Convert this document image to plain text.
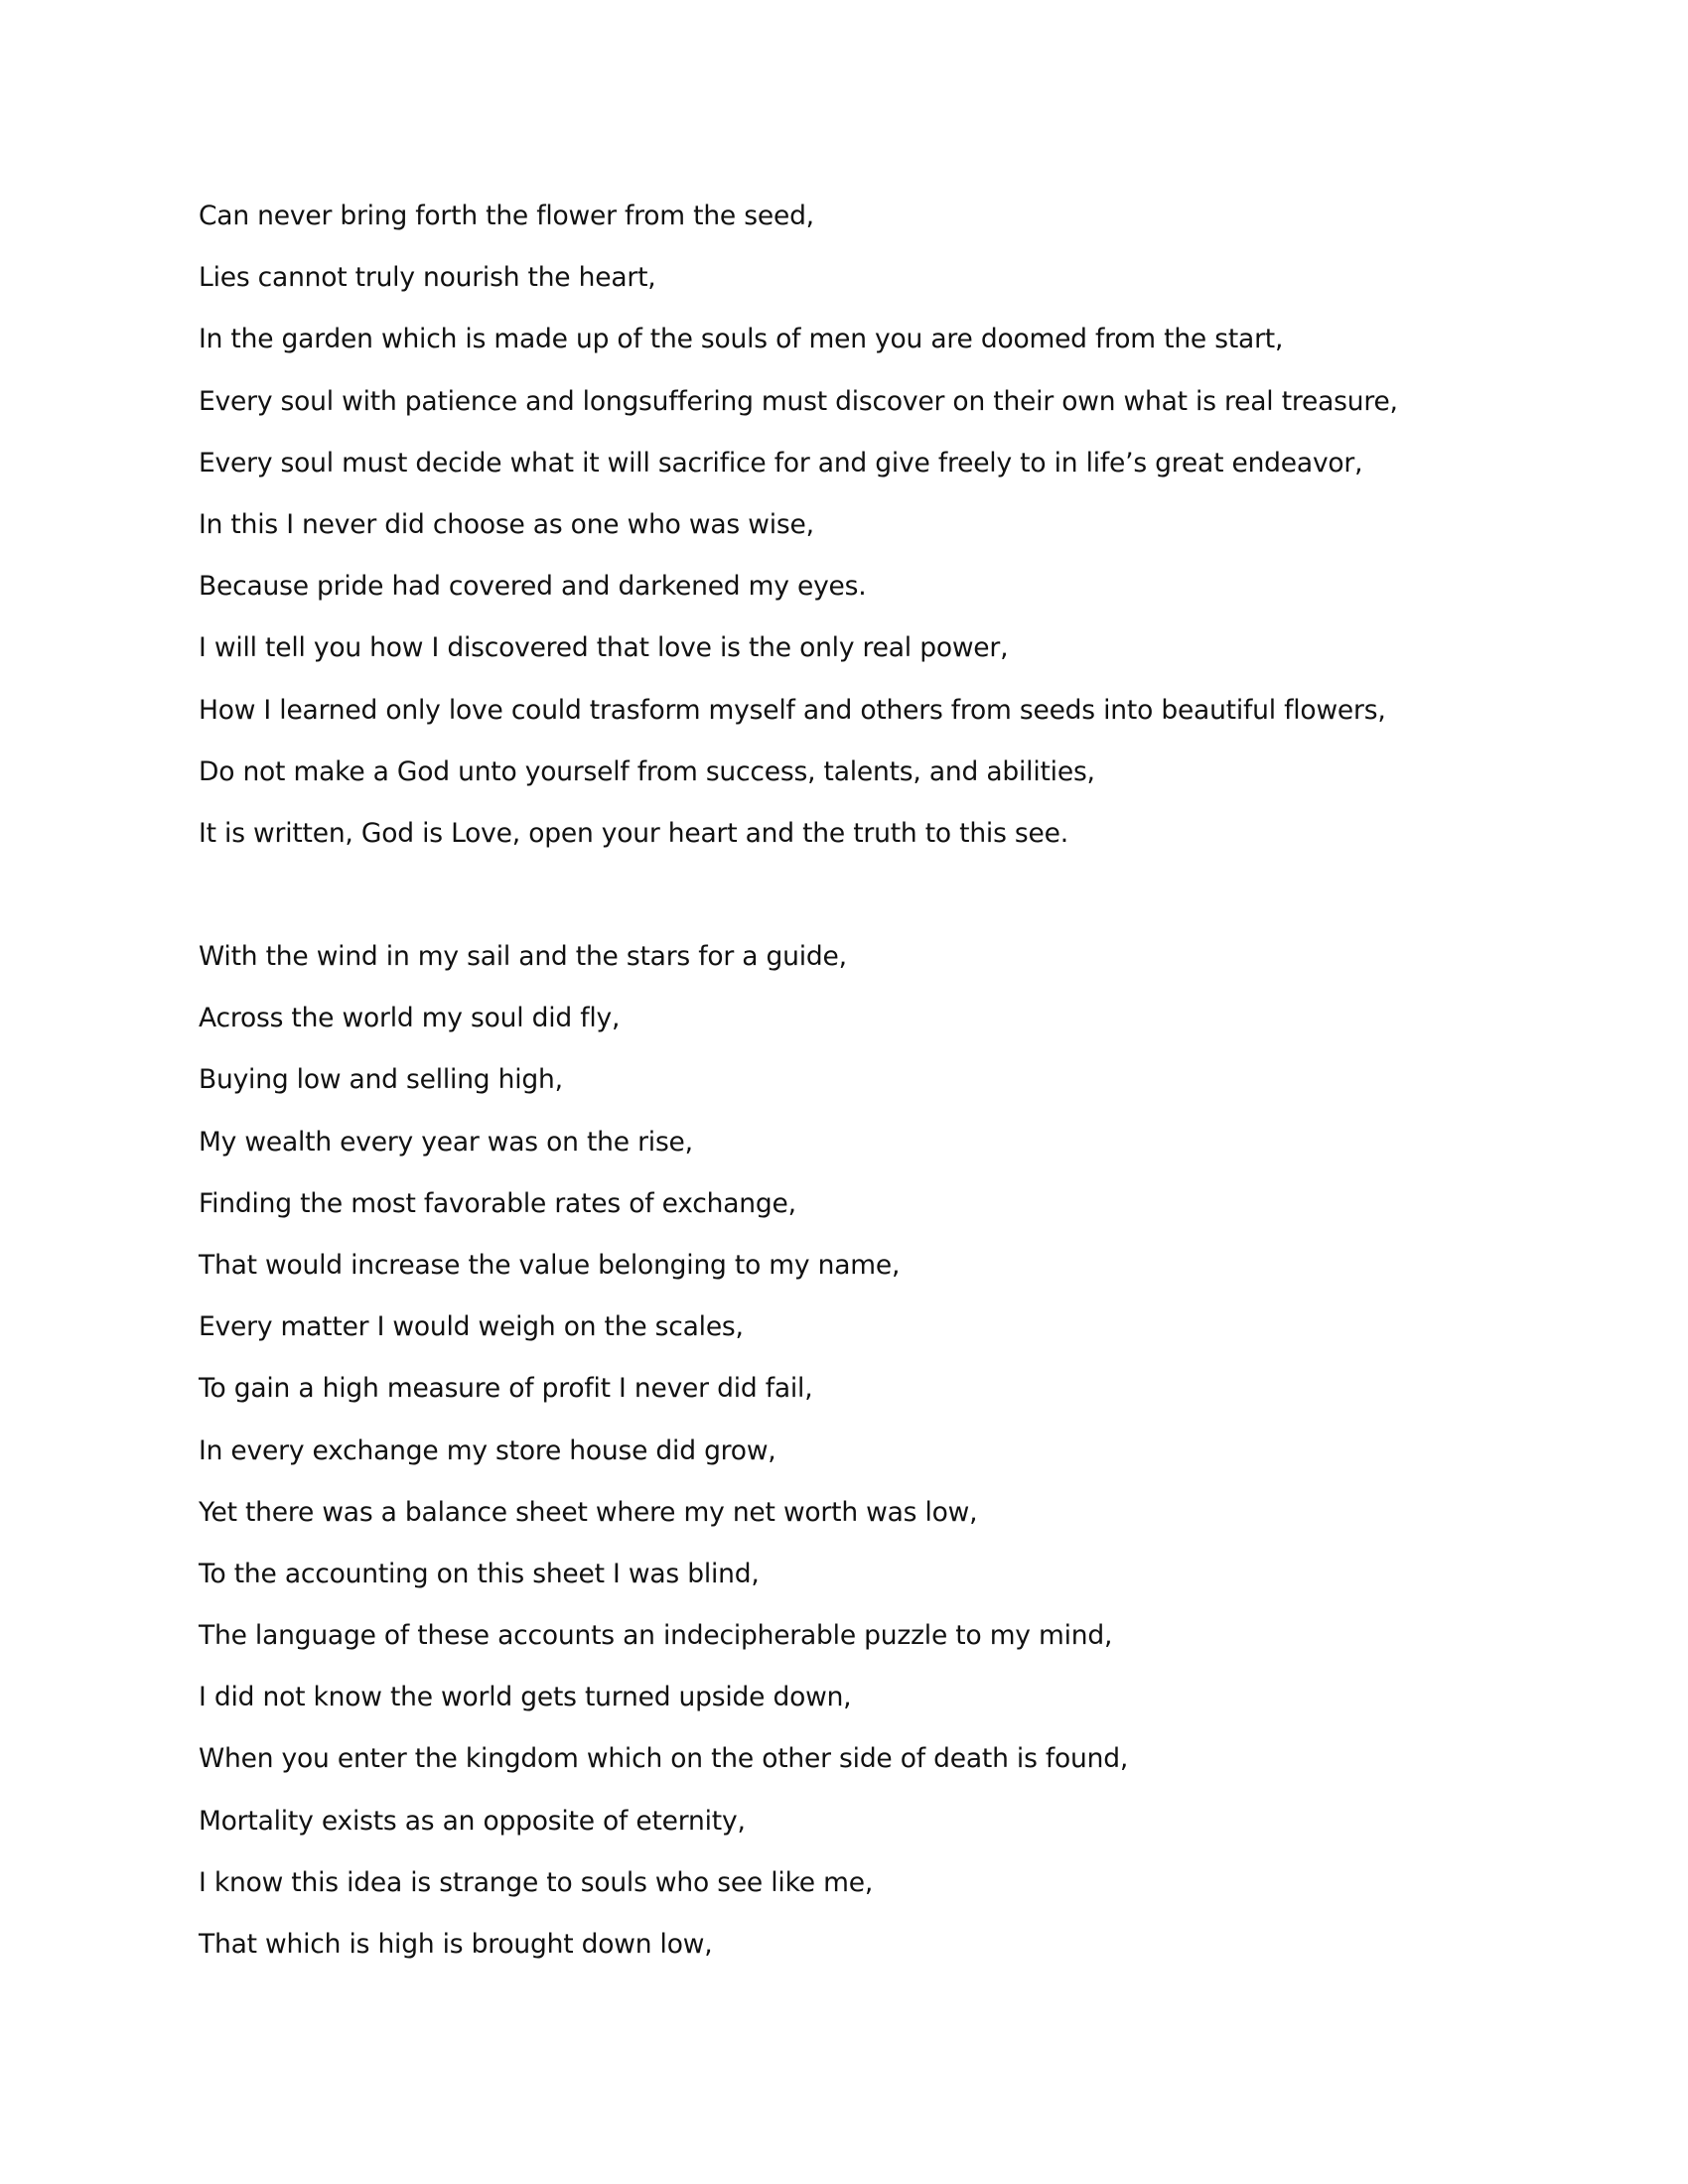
Can never bring forth the flower from the seed,
Lies cannot truly nourish the heart,
In the garden which is made up of the souls of men you are doomed from the start,
Every soul with patience and longsuffering must discover on their own what is real treasure,
Every soul must decide what it will sacrifice for and give freely to in life’s great endeavor,
In this I never did choose as one who was wise,
Because pride had covered and darkened my eyes.
I will tell you how I discovered that love is the only real power,
How I learned only love could trasform myself and others from seeds into beautiful flowers,
Do not make a God unto yourself from success, talents, and abilities,
It is written, God is Love, open your heart and the truth to this see.
With the wind in my sail and the stars for a guide,
Across the world my soul did fly,
Buying low and selling high,
My wealth every year was on the rise,
Finding the most favorable rates of exchange,
That would increase the value belonging to my name,
Every matter I would weigh on the scales,
To gain a high measure of profit I never did fail,
In every exchange my store house did grow,
Yet there was a balance sheet where my net worth was low,
To the accounting on this sheet I was blind,
The language of these accounts an indecipherable puzzle to my mind,
I did not know the world gets turned upside down,
When you enter the kingdom which on the other side of death is found,
Mortality exists as an opposite of eternity,
I know this idea is strange to souls who see like me,
That which is high is brought down low,
